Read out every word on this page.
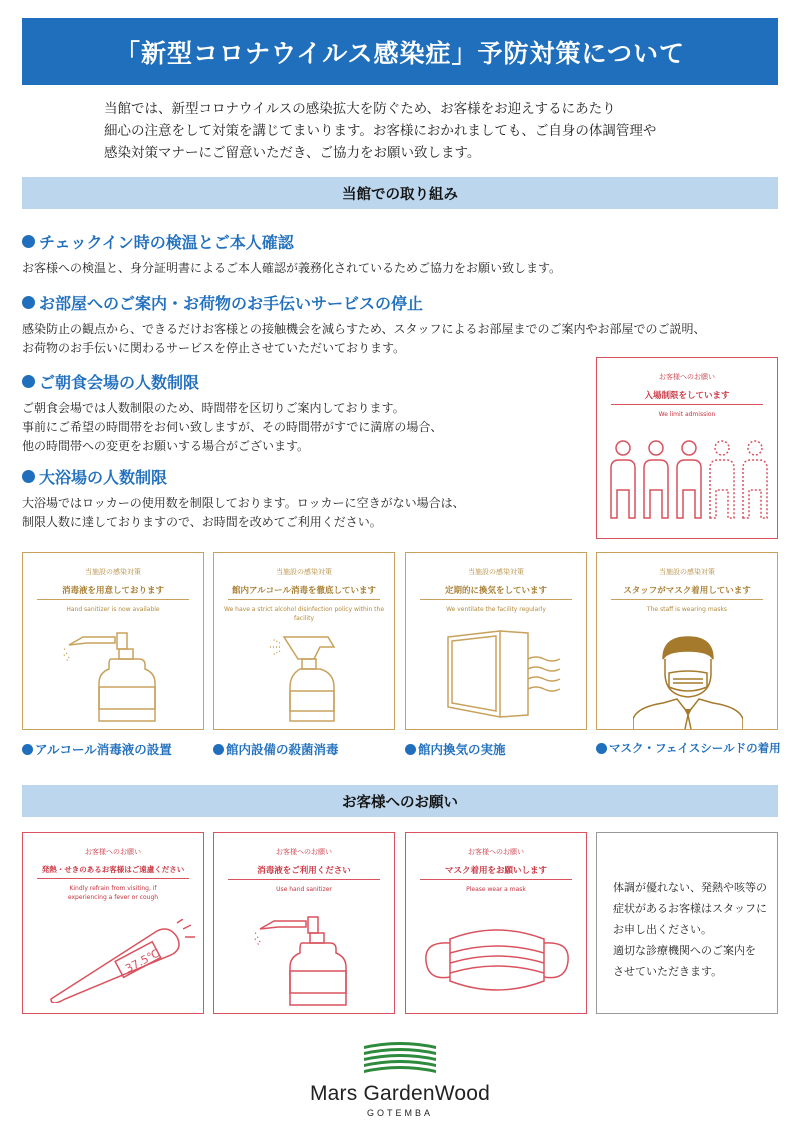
「新型コロナウイルス感染症」予防対策について

当館では、新型コロナウイルスの感染拡大を防ぐため、お客様をお迎えするにあたり

細心の注意をして対策を講じてまいります。お客様におかれましても、ご自身の体調管理や

感染対策マナーにご留意いただき、ご協力をお願い致します。

当館での取り組み
チェックイン時の検温とご本人確認

お客様への検温と、身分証明書によるご本人確認が義務化されているためご協力をお願い致します。

お部屋へのご案内・お荷物のお手伝いサービスの停止

感染防止の観点から、できるだけお客様との接触機会を減らすため、スタッフによるお部屋までのご案内やお部屋でのご説明、

お荷物のお手伝いに関わるサービスを停止させていただいております。

ご朝食会場の人数制限

ご朝食会場では人数制限のため、時間帯を区切りご案内しております。

事前にご希望の時間帯をお伺い致しますが、その時間帯がすでに満席の場合、

他の時間帯への変更をお願いする場合がございます。

大浴場の人数制限

大浴場ではロッカーの使用数を制限しております。ロッカーに空きがない場合は、

制限人数に達しておりますので、お時間を改めてご利用ください。

お客様へのお願い
入場制限をしています
We limit admission
当施設の感染対策
消毒液を用意しております
Hand sanitizer is now available
当施設の感染対策
館内アルコール消毒を徹底しています
We have a strict alcohol disinfection policy within the facility
当施設の感染対策
定期的に換気をしています
We ventilate the facility regularly
当施設の感染対策
スタッフがマスク着用しています
The staff is wearing masks
アルコール消毒液の設置	館内設備の殺菌消毒	館内換気の実施	マスク・フェイスシールドの着用
お客様へのお願い
お客様へのお願い
発熱・せきのあるお客様はご遠慮ください
Kindly refrain from visiting, if experiencing a fever or cough
37.5℃
お客様へのお願い
消毒液をご利用ください
Use hand sanitizer
お客様へのお願い
マスク着用をお願いします
Please wear a mask	体調が優れない、発熱や咳等の

症状があるお客様はスタッフに

お申し出ください。

適切な診療機関へのご案内を

させていただきます。

Mars GardenWood
GOTEMBA
